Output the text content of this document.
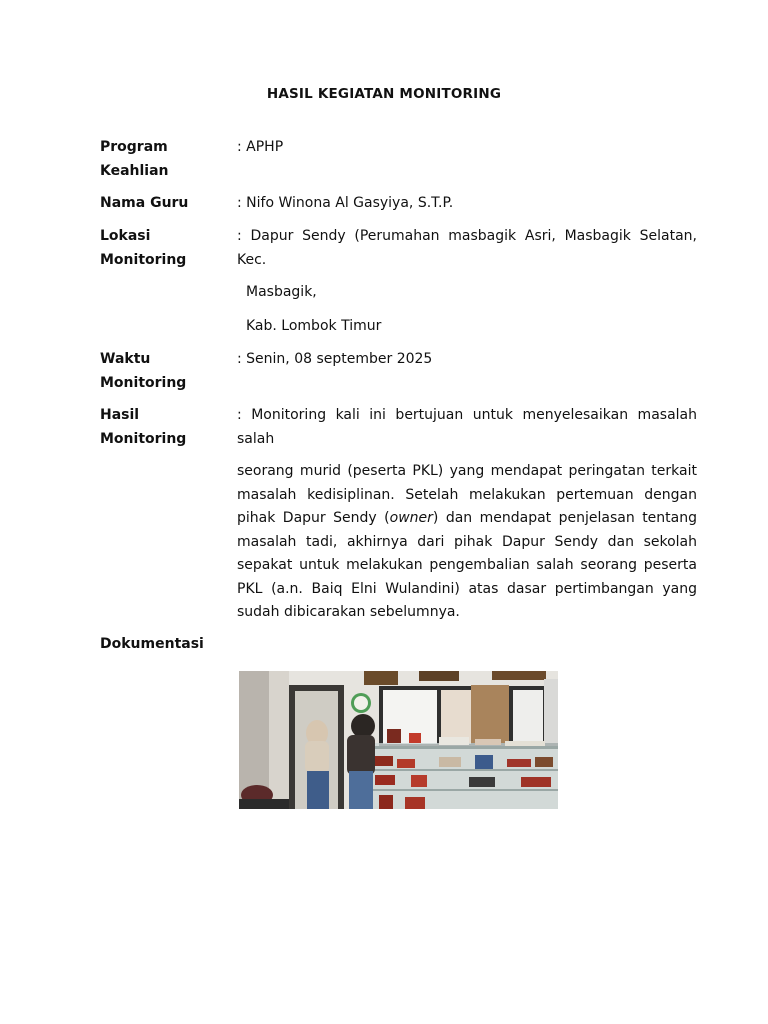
HASIL KEGIATAN MONITORING
Program Keahlian
: APHP
Nama Guru	: Nifo Winona Al Gasyiya, S.T.P.
Lokasi Monitoring
: Dapur Sendy (Perumahan masbagik Asri, Masbagik Selatan, Kec.
Masbagik,
Kab. Lombok Timur
Waktu Monitoring
: Senin, 08 september 2025
Hasil Monitoring
: Monitoring kali ini bertujuan untuk menyelesaikan masalah salah
seorang murid (peserta PKL) yang mendapat peringatan terkait masalah kedisiplinan. Setelah melakukan pertemuan dengan pihak Dapur Sendy (owner) dan mendapat penjelasan tentang masalah tadi, akhirnya dari pihak Dapur Sendy dan sekolah sepakat untuk melakukan pengembalian salah seorang peserta PKL (a.n. Baiq Elni Wulandini) atas dasar pertimbangan yang sudah dibicarakan sebelumnya.
Dokumentasi
